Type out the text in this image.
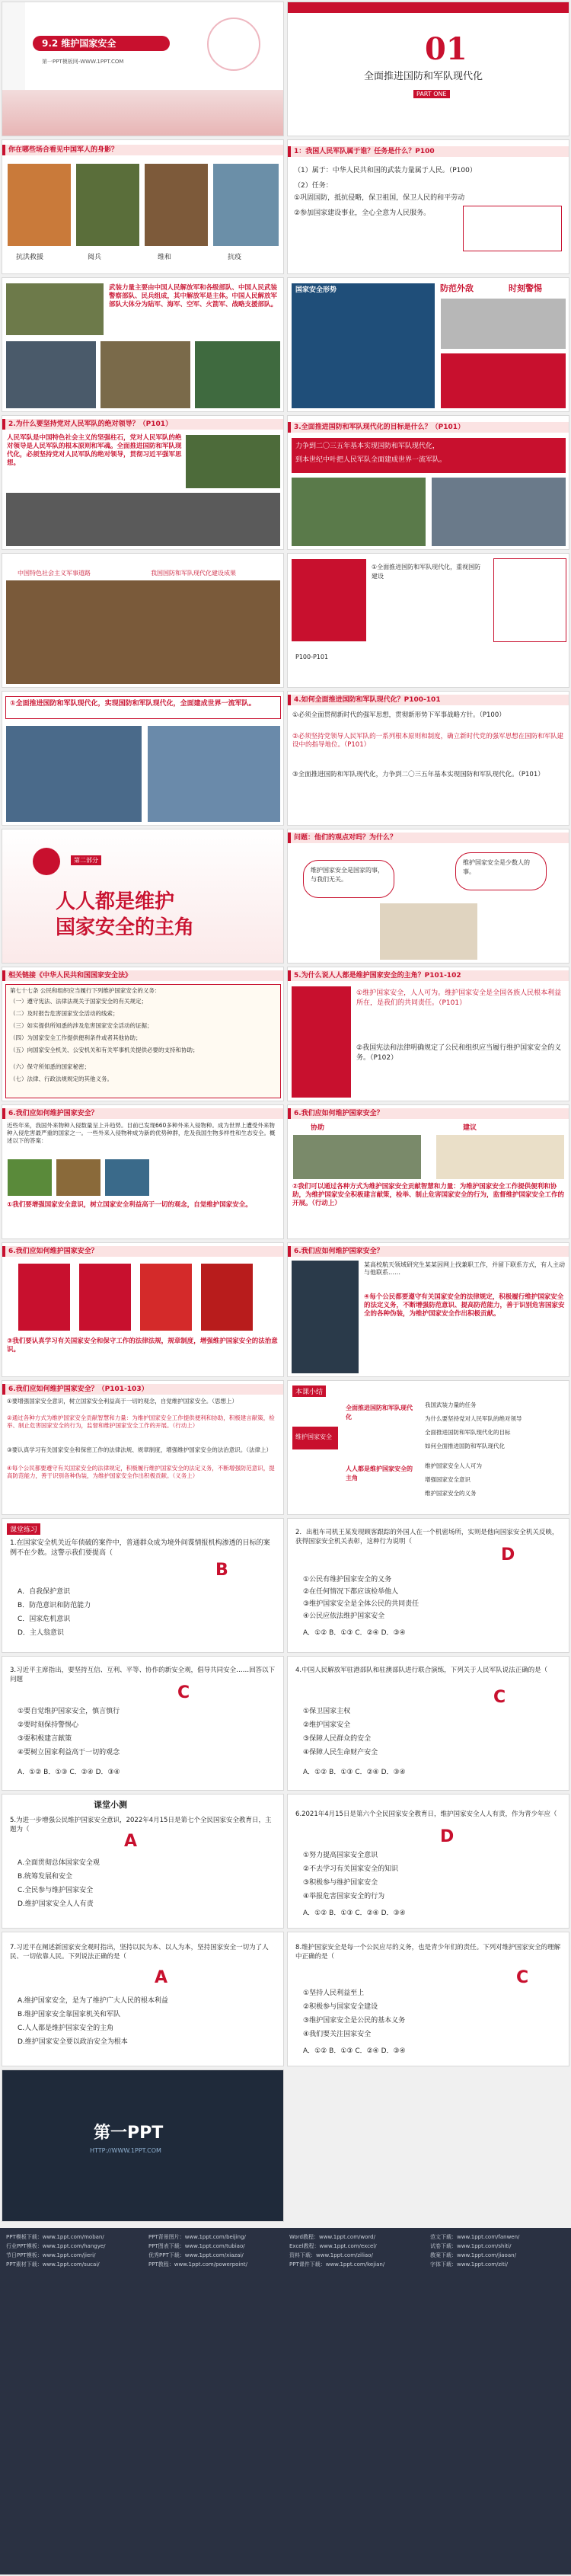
9.2 维护国家安全
第一PPT模板网-WWW.1PPT.COM	01
全面推进国防和军队现代化
PART ONE
你在哪些场合看见中国军人的身影？
抗洪救援	阅兵	维和	抗疫
1：我国人民军队属于谁？任务是什么？P100
（1）属于：中华人民共和国的武装力量属于人民。（P100）
（2）任务：
①巩固国防，抵抗侵略，保卫祖国，保卫人民的和平劳动
②参加国家建设事业，全心全意为人民服务。
武装力量主要由中国人民解放军和各级部队、中国人民武装警察部队、民兵组成，其中解放军是主体。中国人民解放军部队大体分为陆军、海军、空军、火箭军、战略支援部队。
国家安全形势	防范外敌	时刻警惕
2.为什么要坚持党对人民军队的绝对领导？（P101）
人民军队是中国特色社会主义的坚强柱石，党对人民军队的绝对领导是人民军队的根本原则和军魂。全面推进国防和军队现代化，必须坚持党对人民军队的绝对领导，贯彻习近平强军思想。
3.全面推进国防和军队现代化的目标是什么？（P101）
力争到二〇三五年基本实现国防和军队现代化，
到本世纪中叶把人民军队全面建成世界一流军队。
中国特色社会主义军事道路	我国国防和军队现代化建设成果
①全面推进国防和军队现代化，重视国防建设
P100-P101
①全面推进国防和军队现代化，实现国防和军队现代化，全面建成世界一流军队。	4.如何全面推进国防和军队现代化？P100-101
①必须全面贯彻新时代的强军思想，贯彻新形势下军事战略方针。（P100）
②必须坚持党领导人民军队的一系列根本原则和制度，确立新时代党的强军思想在国防和军队建设中的指导地位。（P101）
③全面推进国防和军队现代化，力争到二〇三五年基本实现国防和军队现代化。（P101）
第二部分
人人都是维护
国家安全的主角
问题：他们的观点对吗？为什么？
维护国家安全是国家的事，与我们无关。
维护国家安全是少数人的事。
相关链接《中华人民共和国国家安全法》
第七十七条 公民和组织应当履行下列维护国家安全的义务：
（一）遵守宪法、法律法规关于国家安全的有关规定；
（二）及时报告危害国家安全活动的线索；
（三）如实提供所知悉的涉及危害国家安全活动的证据；
（四）为国家安全工作提供便利条件或者其他协助；
（五）向国家安全机关、公安机关和有关军事机关提供必要的支持和协助；
（六）保守所知悉的国家秘密；
（七）法律、行政法规规定的其他义务。
5.为什么说人人都是维护国家安全的主角？P101-102
①维护国家安全，人人可为。维护国家安全是全国各族人民根本利益所在，是我们的共同责任。（P101）
②我国宪法和法律明确规定了公民和组织应当履行维护国家安全的义务。（P102）
6.我们应如何维护国家安全？
近些年来，我国外来物种入侵数量呈上升趋势。目前已发现660多种外来入侵物种。成为世界上遭受外来物种入侵危害最严重的国家之一。一些外来入侵物种成为新的优势种群，危及我国生物多样性和生态安全。概述以下的答案：
①我们要增强国家安全意识，树立国家安全利益高于一切的观念，自觉维护国家安全。
6.我们应如何维护国家安全？
协助	建议
②我们可以通过各种方式为维护国家安全贡献智慧和力量：为维护国家安全工作提供便利和协助，为维护国家安全积极建言献策，检举、制止危害国家安全的行为，监督维护国家安全工作的开展。（行动上）
6.我们应如何维护国家安全？
③我们要认真学习有关国家安全和保守工作的法律法规，规章制度，增强维护国家安全的法治意识。
6.我们应如何维护国家安全？
某高校航天领域研究生某某因网上找兼职工作，并留下联系方式，有人主动与他联系……
④每个公民都要遵守有关国家安全的法律规定，积极履行维护国家安全的法定义务，不断增强防范意识、提高防范能力，善于识别危害国家安全的各种伪装，为维护国家安全作出积极贡献。
6.我们应如何维护国家安全？（P101-103）
①要增强国家安全意识，树立国家安全利益高于一切的观念，自觉维护国家安全。（思想上）
②通过各种方式为维护国家安全贡献智慧和力量：为维护国家安全工作提供便利和协助，积极建言献策，检举、制止危害国家安全的行为，监督和维护国家安全工作的开展。（行动上）
③要认真学习有关国家安全和保密工作的法律法规、规章制度，增强维护国家安全的法治意识。（法律上）
④每个公民都要遵守有关国家安全的法律规定，积极履行维护国家安全的法定义务，不断增强防范意识，提高防范能力，善于识别各种伪装，为维护国家安全作出积极贡献。（义务上）
本课小结
维护国家安全
全面推进国防和军队现代化
人人都是维护国家安全的主角
我国武装力量的任务
为什么要坚持党对人民军队的绝对领导
全面推进国防和军队现代化的目标
如何全面推进国防和军队现代化
维护国家安全人人可为
增强国家安全意识
维护国家安全的义务
课堂练习
1.在国家安全机关近年侦破的案件中，普通群众成为境外间谍情报机构渗透的目标的案例不在少数。这警示我们要提高（
B
A．自我保护意识
B．防范意识和防范能力
C．国家危机意识
D．主人翁意识
2．出租车司机王某发现顾客跟踪的外国人在一个机密场所，实则是他向国家安全机关反映，获得国家安全机关表彰，这种行为说明（
D
①公民有维护国家安全的义务
②在任何情况下都应该检举他人
③维护国家安全是全体公民的共同责任
④公民应依法维护国家安全
A．①② B．①③ C．②④ D．③④
3.习近平主席指出，要坚持互信、互利、平等、协作的新安全观，倡导共同安全……回答以下问题
C
①要自觉维护国家安全，慎言慎行
②要时刻保持警惕心
③要积极建言献策
④要树立国家利益高于一切的观念
A．①② B．①③ C．②④ D．③④
4.中国人民解放军驻港部队和驻澳部队进行联合演练，下列关于人民军队说法正确的是（
C
①保卫国家主权
②维护国家安全
③保障人民群众的安全
④保障人民生命财产安全
A．①② B．①③ C．②④ D．③④
课堂小测
5.为进一步增强公民维护国家安全意识，2022年4月15日是第七个全民国家安全教育日，主题为（
A
A.全面贯彻总体国家安全观
B.统筹发展和安全
C.全民参与维护国家安全
D.维护国家安全人人有责
6.2021年4月15日是第六个全民国家安全教育日，维护国家安全人人有责，作为青少年应（
D
①努力提高国家安全意识
②不去学习有关国家安全的知识
③积极参与维护国家安全
④举报危害国家安全的行为
A．①② B．①③ C．②④ D．③④
7.习近平在阐述新国家安全观时指出，坚持以民为本、以人为本，坚持国家安全一切为了人民、一切依靠人民。下列说法正确的是（
A
A.维护国家安全，是为了维护广大人民的根本利益
B.维护国家安全靠国家机关和军队
C.人人都是维护国家安全的主角
D.维护国家安全要以政治安全为根本
8.维护国家安全是每一个公民应尽的义务，也是青少年们的责任。下列对维护国家安全的理解中正确的是（
C
①坚持人民利益至上
②积极参与国家安全建设
③维护国家安全是公民的基本义务
④我们要关注国家安全
A．①② B．①③ C．②④ D．③④
第一PPT
HTTP://WWW.1PPT.COM
PPT模板下载：www.1ppt.com/moban/
行业PPT模板：www.1ppt.com/hangye/
节日PPT模板：www.1ppt.com/jieri/
PPT素材下载：www.1ppt.com/sucai/
PPT背景图片：www.1ppt.com/beijing/
PPT图表下载：www.1ppt.com/tubiao/
优秀PPT下载：www.1ppt.com/xiazai/
PPT教程：www.1ppt.com/powerpoint/
Word教程：www.1ppt.com/word/
Excel教程：www.1ppt.com/excel/
资料下载：www.1ppt.com/ziliao/
PPT课件下载：www.1ppt.com/kejian/
范文下载：www.1ppt.com/fanwen/
试卷下载：www.1ppt.com/shiti/
教案下载：www.1ppt.com/jiaoan/
字体下载：www.1ppt.com/ziti/
